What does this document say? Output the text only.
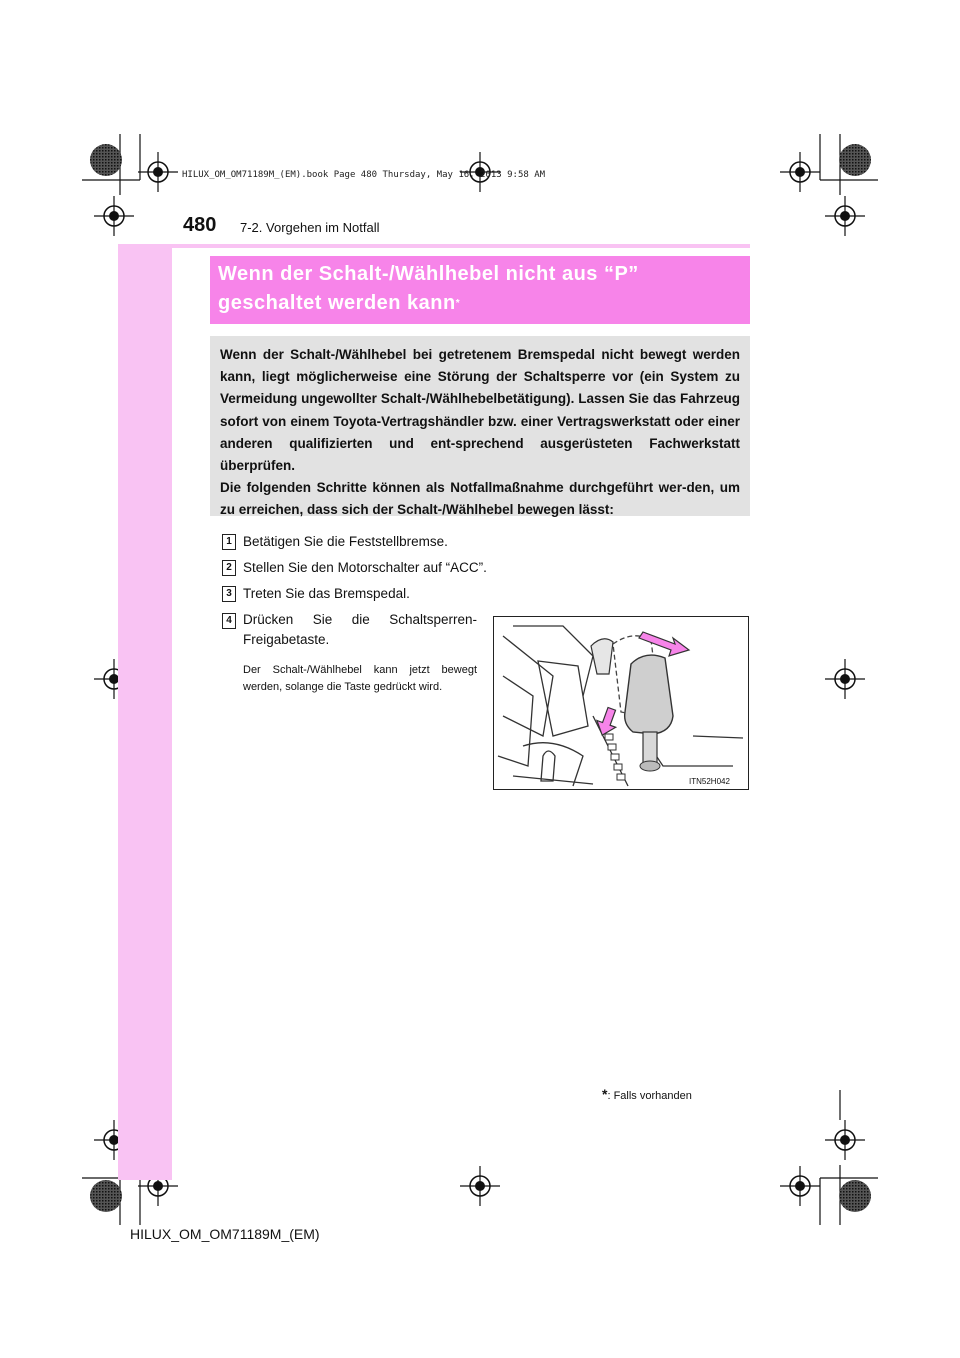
HILUX_OM_OM71189M_(EM).book Page 480 Thursday, May 16, 2013 9:58 AM
480 7-2. Vorgehen im Notfall
Wenn der Schalt-/Wählhebel nicht aus “P”
geschaltet werden kann*

Wenn der Schalt-/Wählhebel bei getretenem Bremspedal nicht bewegt werden kann, liegt möglicherweise eine Störung der Schaltsperre vor (ein System zu Vermeidung ungewollter Schalt-/Wählhebelbetätigung). Lassen Sie das Fahrzeug sofort von einem Toyota-Vertragshändler bzw. einer Vertragswerkstatt oder einer anderen qualifizierten und ent-sprechend ausgerüsteten Fachwerkstatt überprüfen.

Die folgenden Schritte können als Notfallmaßnahme durchgeführt wer-den, um zu erreichen, dass sich der Schalt-/Wählhebel bewegen lässt:

1 Betätigen Sie die Feststellbremse.
2 Stellen Sie den Motorschalter auf “ACC”.
3 Treten Sie das Bremspedal.
4 Drücken Sie die Schaltsperren-Freigabetaste.
Der Schalt-/Wählhebel kann jetzt bewegt werden, solange die Taste gedrückt wird.
ITN52H042
*: Falls vorhanden
HILUX_OM_OM71189M_(EM)
